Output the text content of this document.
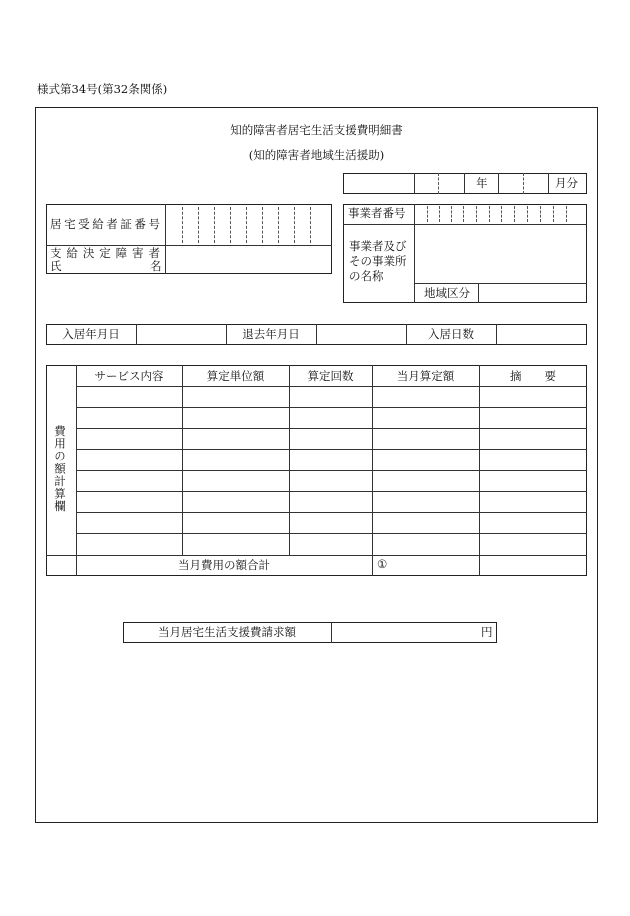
様式第34号(第32条関係)
知的障害者居宅生活支援費明細書
(知的障害者地域生活援助)
年	月分
居宅受給者証番号
支給決定障害者
氏	名
事業者番号
事業者及び
その事業所
の名称
地域区分
入居年月日	退去年月日	入居日数
費用の額計算欄
サービス内容	算定単位額	算定回数	当月算定額	摘　　要
当月費用の額合計	①
当月居宅生活支援費請求額	円
